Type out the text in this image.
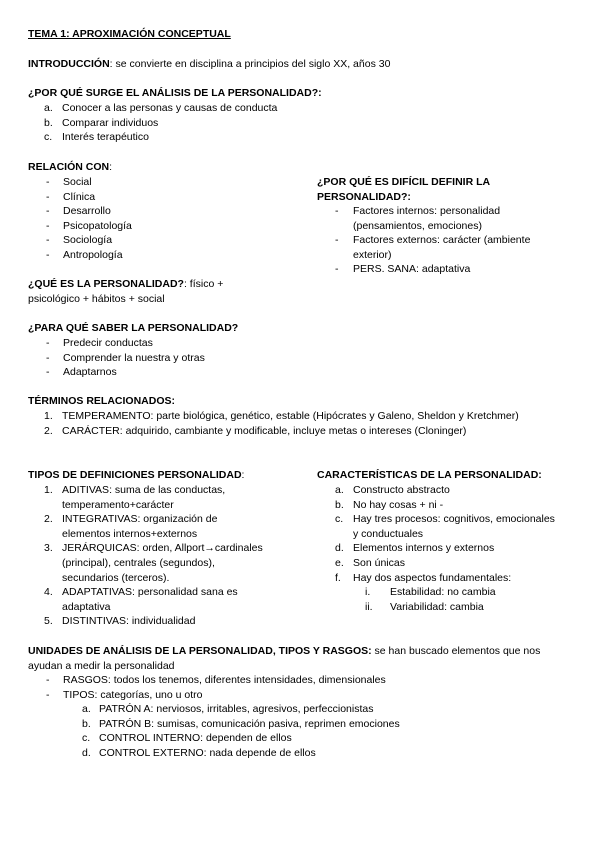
TEMA 1: APROXIMACIÓN CONCEPTUAL
INTRODUCCIÓN: se convierte en disciplina a principios del siglo XX, años 30
¿POR QUÉ SURGE EL ANÁLISIS DE LA PERSONALIDAD?:
a. Conocer a las personas y causas de conducta
b. Comparar individuos
c. Interés terapéutico
RELACIÓN CON:
- Social
- Clínica
- Desarrollo
- Psicopatología
- Sociología
- Antropología
¿POR QUÉ ES DIFÍCIL DEFINIR LA
PERSONALIDAD?:
- Factores internos: personalidad
(pensamientos, emociones)
- Factores externos: carácter (ambiente
exterior)
- PERS. SANA: adaptativa
¿QUÉ ES LA PERSONALIDAD?: físico +
psicológico + hábitos + social
¿PARA QUÉ SABER LA PERSONALIDAD?
- Predecir conductas
- Comprender la nuestra y otras
- Adaptarnos
TÉRMINOS RELACIONADOS:
1. TEMPERAMENTO: parte biológica, genético, estable (Hipócrates y Galeno, Sheldon y Kretchmer)
2. CARÁCTER: adquirido, cambiante y modificable, incluye metas o intereses (Cloninger)
TIPOS DE DEFINICIONES PERSONALIDAD:
1. ADITIVAS: suma de las conductas,
temperamento+carácter
2. INTEGRATIVAS: organización de
elementos internos+externos
3. JERÁRQUICAS: orden, Allport→cardinales
(principal), centrales (segundos),
secundarios (terceros).
4. ADAPTATIVAS: personalidad sana es
adaptativa
5. DISTINTIVAS: individualidad
CARACTERÍSTICAS DE LA PERSONALIDAD:
a. Constructo abstracto
b. No hay cosas + ni -
c. Hay tres procesos: cognitivos, emocionales
y conductuales
d. Elementos internos y externos
e. Son únicas
f. Hay dos aspectos fundamentales:
i. Estabilidad: no cambia
ii. Variabilidad: cambia
UNIDADES DE ANÁLISIS DE LA PERSONALIDAD, TIPOS Y RASGOS: se han buscado elementos que nos
ayudan a medir la personalidad
- RASGOS: todos los tenemos, diferentes intensidades, dimensionales
- TIPOS: categorías, uno u otro
a. PATRÓN A: nerviosos, irritables, agresivos, perfeccionistas
b. PATRÓN B: sumisas, comunicación pasiva, reprimen emociones
c. CONTROL INTERNO: dependen de ellos
d. CONTROL EXTERNO: nada depende de ellos
